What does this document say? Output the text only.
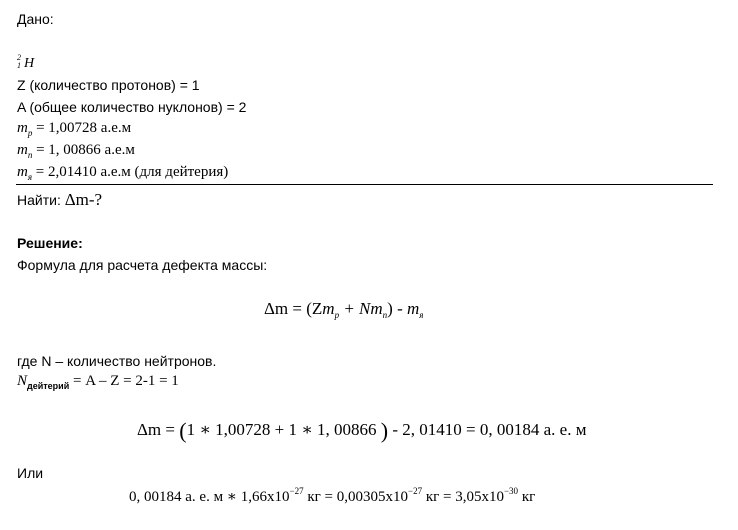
Дано:
2
1 H
Z (количество протонов) = 1
A (общее количество нуклонов) = 2
$m_p = 1,00728$ а.е.м
$m_n = 1$, 00866 а.е.м
$m_я = 2,01410$ а.е.м (для дейтерия)
Найти: Δm-?
Решение:
Формула для расчета дефекта массы:
$\Delta m = (Zm_p + Nm_n) - m_я$
где N – количество нейтронов.
$N_{дейтерий} = A - Z = 2-1 = 1$
Δm = (1 ∗ 1,00728 + 1 ∗ 1, 00866 ) - 2, 01410 = 0, 00184 а. е. м
Или
0, 00184 а. е. м ∗ $1,66x10^{-27}$ кг = $0,00305x10^{-27}$ кг = $3,05x10^{-30}$ кг
